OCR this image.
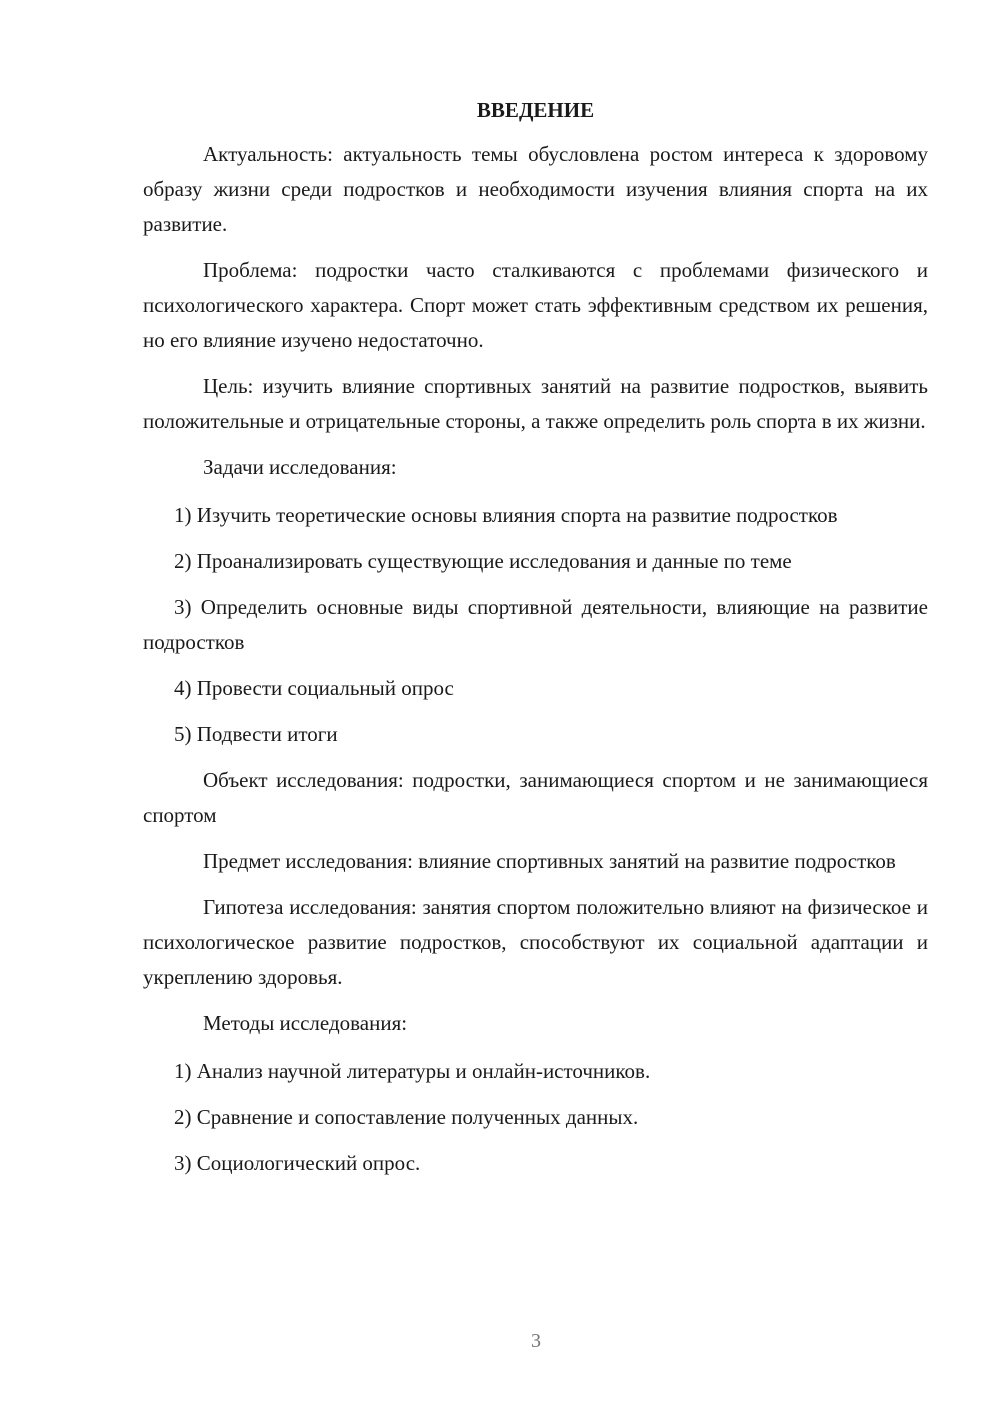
ВВЕДЕНИЕ

Актуальность: актуальность темы обусловлена ростом интереса к здоровому образу жизни среди подростков и необходимости изучения влияния спорта на их развитие.

Проблема: подростки часто сталкиваются с проблемами физического и психологического характера. Спорт может стать эффективным средством их решения, но его влияние изучено недостаточно.

Цель: изучить влияние спортивных занятий на развитие подростков, выявить положительные и отрицательные стороны, а также определить роль спорта в их жизни.

Задачи исследования:

1) Изучить теоретические основы влияния спорта на развитие подростков

2) Проанализировать существующие исследования и данные по теме

3) Определить основные виды спортивной деятельности, влияющие на развитие подростков

4) Провести социальный опрос

5) Подвести итоги

Объект исследования: подростки, занимающиеся спортом и не занимающиеся спортом

Предмет исследования: влияние спортивных занятий на развитие подростков

Гипотеза исследования: занятия спортом положительно влияют на физическое и психологическое развитие подростков, способствуют их социальной адаптации и укреплению здоровья.

Методы исследования:

1) Анализ научной литературы и онлайн-источников.

2) Сравнение и сопоставление полученных данных.

3) Социологический опрос.

3
